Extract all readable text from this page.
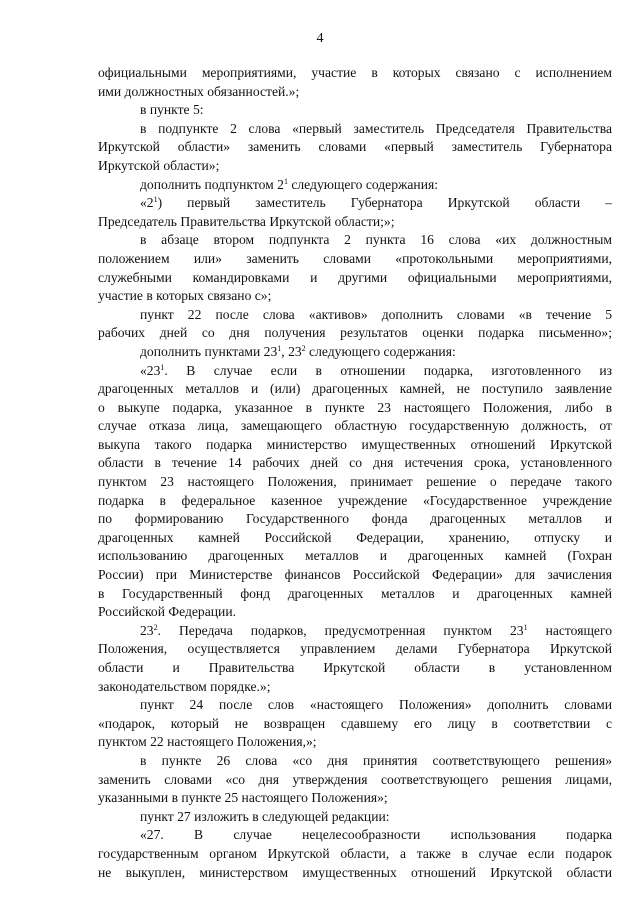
4
официальными мероприятиями, участие в которых связано с исполнением
ими должностных обязанностей.»;
в пункте 5:
в подпункте 2 слова «первый заместитель Председателя Правительства
Иркутской области» заменить словами «первый заместитель Губернатора
Иркутской области»;
дополнить подпунктом $2^1$ следующего содержания:
«$2^1$) первый заместитель Губернатора Иркутской области –
Председатель Правительства Иркутской области;»;
в абзаце втором подпункта 2 пункта 16 слова «их должностным
положением или» заменить словами «протокольными мероприятиями,
служебными командировками и другими официальными мероприятиями,
участие в которых связано с»;
пункт 22 после слова «активов» дополнить словами «в течение 5
рабочих дней со дня получения результатов оценки подарка письменно»;
дополнить пунктами $23^1$, $23^2$ следующего содержания:
«$23^1$. В случае если в отношении подарка, изготовленного из
драгоценных металлов и (или) драгоценных камней, не поступило заявление
о выкупе подарка, указанное в пункте 23 настоящего Положения, либо в
случае отказа лица, замещающего областную государственную должность, от
выкупа такого подарка министерство имущественных отношений Иркутской
области в течение 14 рабочих дней со дня истечения срока, установленного
пунктом 23 настоящего Положения, принимает решение о передаче такого
подарка в федеральное казенное учреждение «Государственное учреждение
по формированию Государственного фонда драгоценных металлов и
драгоценных камней Российской Федерации, хранению, отпуску и
использованию драгоценных металлов и драгоценных камней (Гохран
России) при Министерстве финансов Российской Федерации» для зачисления
в Государственный фонд драгоценных металлов и драгоценных камней
Российской Федерации.
$23^2$. Передача подарков, предусмотренная пунктом $23^1$ настоящего
Положения, осуществляется управлением делами Губернатора Иркутской
области и Правительства Иркутской области в установленном
законодательством порядке.»;
пункт 24 после слов «настоящего Положения» дополнить словами
«подарок, который не возвращен сдавшему его лицу в соответствии с
пунктом 22 настоящего Положения,»;
в пункте 26 слова «со дня принятия соответствующего решения»
заменить словами «со дня утверждения соответствующего решения лицами,
указанными в пункте 25 настоящего Положения»;
пункт 27 изложить в следующей редакции:
«27. В случае нецелесообразности использования подарка
государственным органом Иркутской области, а также в случае если подарок
не выкуплен, министерством имущественных отношений Иркутской области
